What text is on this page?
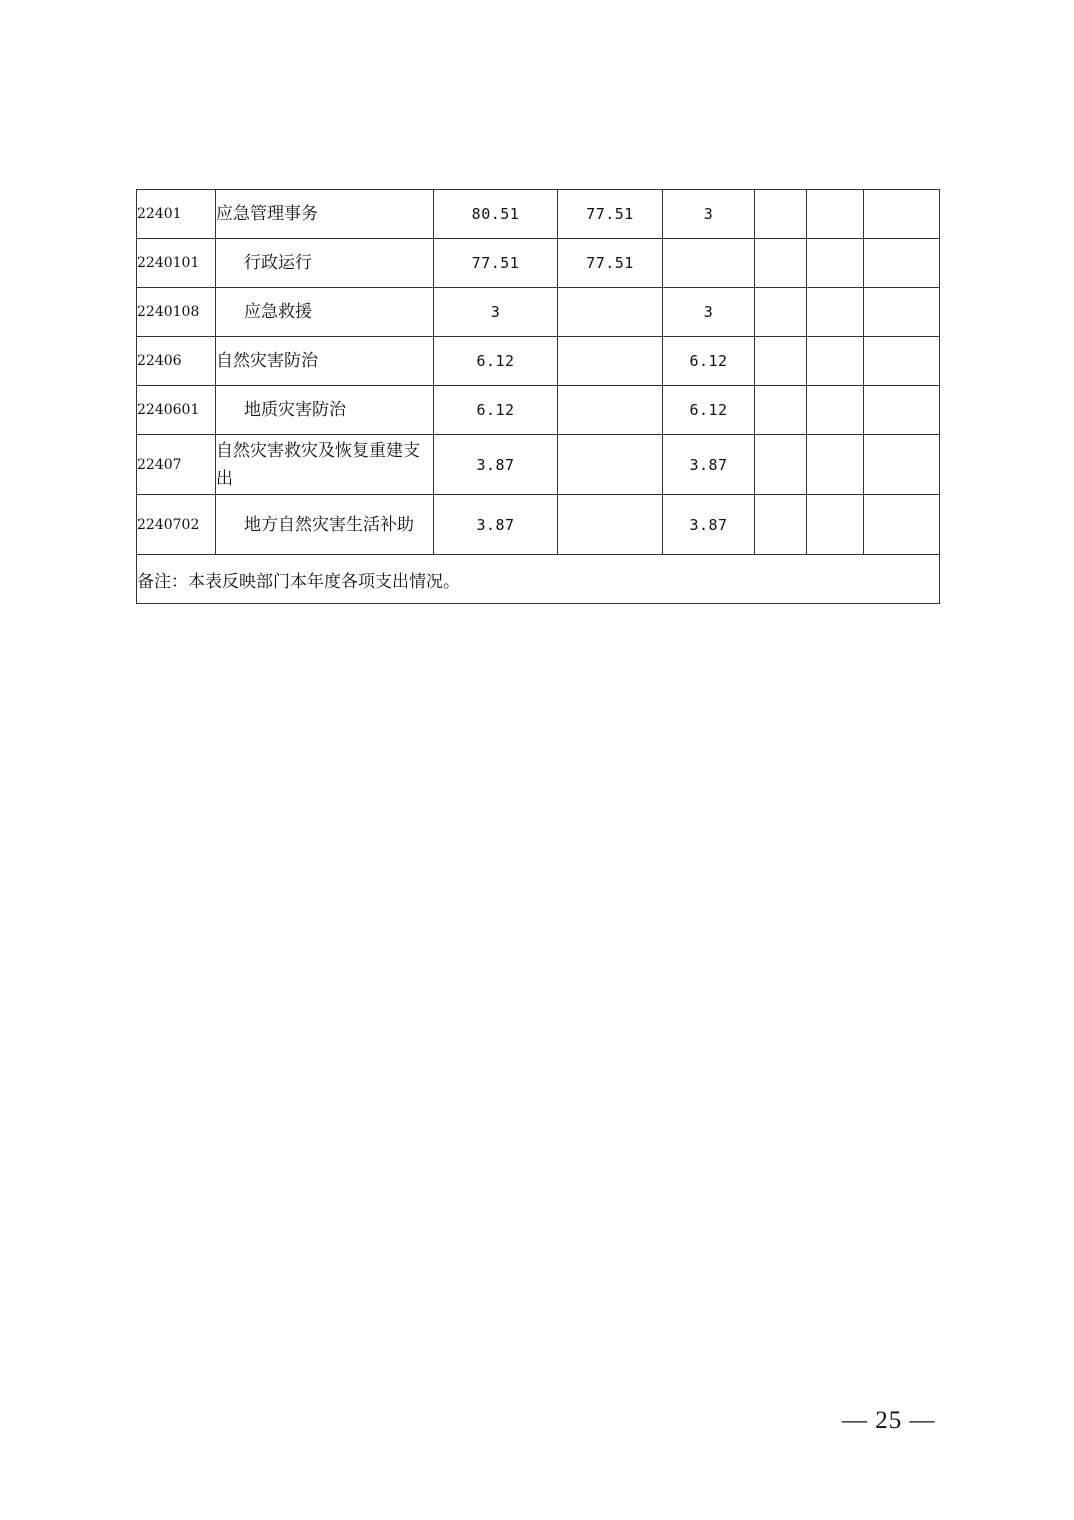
22401	应急管理事务	80.51	77.51	3			
2240101	行政运行	77.51	77.51				
2240108	应急救援	3		3			
22406	自然灾害防治	6.12		6.12			
2240601	地质灾害防治	6.12		6.12			
22407	自然灾害救灾及恢复重建支出	3.87		3.87			
2240702	地方自然灾害生活补助	3.87		3.87			
备注：本表反映部门本年度各项支出情况。							
— 25 —
